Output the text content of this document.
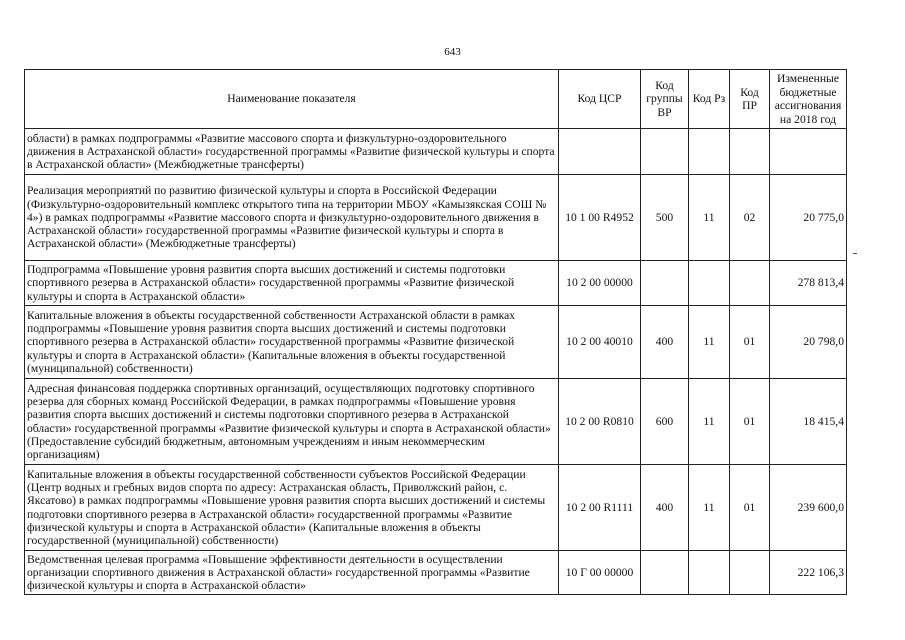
643
Наименование показателя	Код ЦСР	Код группы ВР	Код Рз	Код ПР	Измененные бюджетные ассигнования на 2018 год
области) в рамках подпрограммы «Развитие массового спорта и физкультурно-оздоровительного движения в Астраханской области» государственной программы «Развитие физической культуры и спорта в Астраханской области» (Межбюджетные трансферты)					
Реализация мероприятий по развитию физической культуры и спорта в Российской Федерации (Физкультурно-оздоровительный комплекс открытого типа на территории МБОУ «Камызякская СОШ № 4») в рамках подпрограммы «Развитие массового спорта и физкультурно-оздоровительного движения в Астраханской области» государственной программы «Развитие физической культуры и спорта в Астраханской области» (Межбюджетные трансферты)	10 1 00 R4952	500	11	02	20 775,0
Подпрограмма «Повышение уровня развития спорта высших достижений и системы подготовки спортивного резерва в Астраханской области» государственной программы «Развитие физической культуры и спорта в Астраханской области»	10 2 00 00000				278 813,4
Капитальные вложения в объекты государственной собственности Астраханской области в рамках подпрограммы «Повышение уровня развития спорта высших достижений и системы подготовки спортивного резерва в Астраханской области» государственной программы «Развитие физической культуры и спорта в Астраханской области» (Капитальные вложения в объекты государственной (муниципальной) собственности)	10 2 00 40010	400	11	01	20 798,0
Адресная финансовая поддержка спортивных организаций, осуществляющих подготовку спортивного резерва для сборных команд Российской Федерации, в рамках подпрограммы «Повышение уровня развития спорта высших достижений и системы подготовки спортивного резерва в Астраханской области» государственной программы «Развитие физической культуры и спорта в Астраханской области» (Предоставление субсидий бюджетным, автономным учреждениям и иным некоммерческим организациям)	10 2 00 R0810	600	11	01	18 415,4
Капитальные вложения в объекты государственной собственности субъектов Российской Федерации (Центр водных и гребных видов спорта по адресу: Астраханская область, Приволжский район, с. Яксатово) в рамках подпрограммы «Повышение уровня развития спорта высших достижений и системы подготовки спортивного резерва в Астраханской области» государственной программы «Развитие физической культуры и спорта в Астраханской области» (Капитальные вложения в объекты государственной (муниципальной) собственности)	10 2 00 R1111	400	11	01	239 600,0
Ведомственная целевая программа «Повышение эффективности деятельности в осуществлении организации спортивного движения в Астраханской области» государственной программы «Развитие физической культуры и спорта в Астраханской области»	10 Г 00 00000				222 106,3
